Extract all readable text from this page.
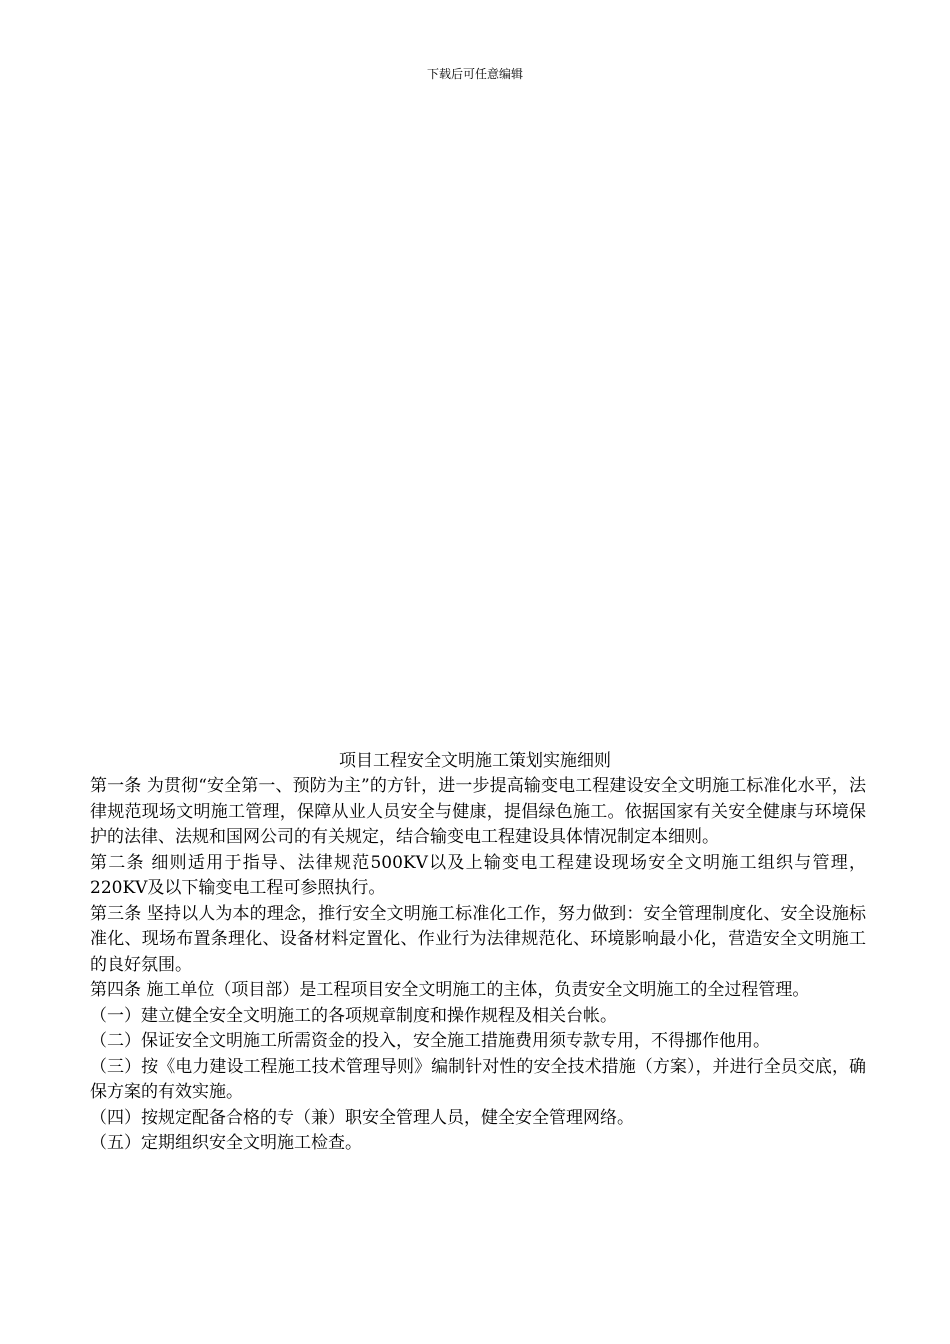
下载后可任意编辑
项目工程安全文明施工策划实施细则

第一条 为贯彻“安全第一、预防为主”的方针，进一步提高输变电工程建设安全文明施工标准化水平，法律规范现场文明施工管理，保障从业人员安全与健康，提倡绿色施工。依据国家有关安全健康与环境保护的法律、法规和国网公司的有关规定，结合输变电工程建设具体情况制定本细则。

第二条 细则适用于指导、法律规范500KV以及上输变电工程建设现场安全文明施工组织与管理，220KV及以下输变电工程可参照执行。

第三条 坚持以人为本的理念，推行安全文明施工标准化工作，努力做到：安全管理制度化、安全设施标准化、现场布置条理化、设备材料定置化、作业行为法律规范化、环境影响最小化，营造安全文明施工的良好氛围。

第四条 施工单位（项目部）是工程项目安全文明施工的主体，负责安全文明施工的全过程管理。

（一）建立健全安全文明施工的各项规章制度和操作规程及相关台帐。

（二）保证安全文明施工所需资金的投入，安全施工措施费用须专款专用，不得挪作他用。

（三）按《电力建设工程施工技术管理导则》编制针对性的安全技术措施（方案），并进行全员交底，确保方案的有效实施。

（四）按规定配备合格的专（兼）职安全管理人员，健全安全管理网络。

（五）定期组织安全文明施工检查。
